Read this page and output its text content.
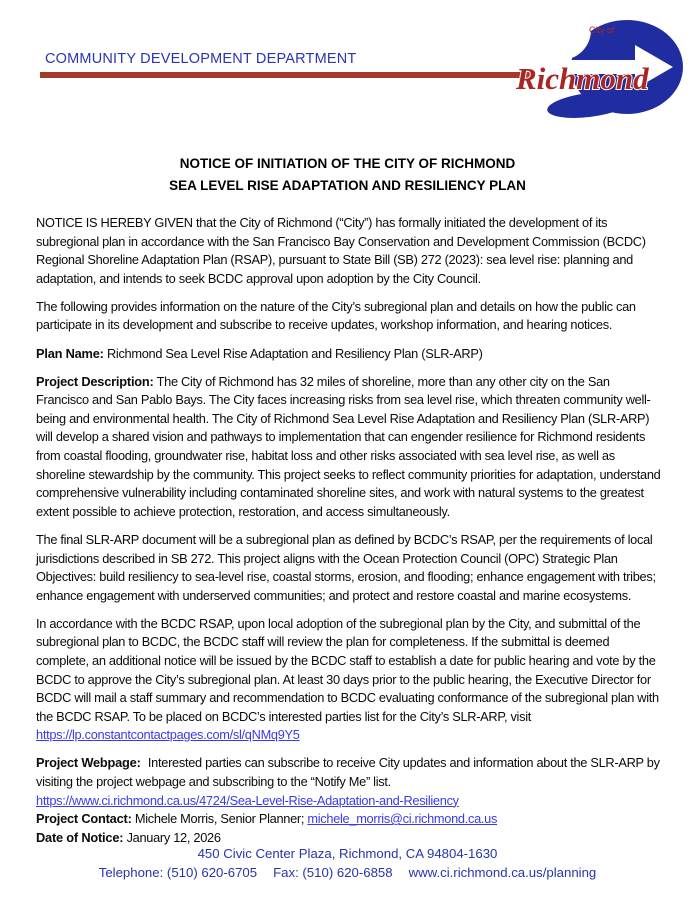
COMMUNITY DEVELOPMENT DEPARTMENT
City of
Richmond
NOTICE OF INITIATION OF THE CITY OF RICHMOND
SEA LEVEL RISE ADAPTATION AND RESILIENCY PLAN

NOTICE IS HEREBY GIVEN that the City of Richmond (“City”) has formally initiated the development of its subregional plan in accordance with the San Francisco Bay Conservation and Development Commission (BCDC) Regional Shoreline Adaptation Plan (RSAP), pursuant to State Bill (SB) 272 (2023): sea level rise: planning and adaptation, and intends to seek BCDC approval upon adoption by the City Council.

The following provides information on the nature of the City’s subregional plan and details on how the public can participate in its development and subscribe to receive updates, workshop information, and hearing notices.

Plan Name: Richmond Sea Level Rise Adaptation and Resiliency Plan (SLR-ARP)

Project Description: The City of Richmond has 32 miles of shoreline, more than any other city on the San Francisco and San Pablo Bays. The City faces increasing risks from sea level rise, which threaten community well-being and environmental health. The City of Richmond Sea Level Rise Adaptation and Resiliency Plan (SLR-ARP) will develop a shared vision and pathways to implementation that can engender resilience for Richmond residents from coastal flooding, groundwater rise, habitat loss and other risks associated with sea level rise, as well as shoreline stewardship by the community. This project seeks to reflect community priorities for adaptation, understand comprehensive vulnerability including contaminated shoreline sites, and work with natural systems to the greatest extent possible to achieve protection, restoration, and access simultaneously.

The final SLR-ARP document will be a subregional plan as defined by BCDC’s RSAP, per the requirements of local jurisdictions described in SB 272. This project aligns with the Ocean Protection Council (OPC) Strategic Plan Objectives: build resiliency to sea-level rise, coastal storms, erosion, and flooding; enhance engagement with tribes; enhance engagement with underserved communities; and protect and restore coastal and marine ecosystems.

In accordance with the BCDC RSAP, upon local adoption of the subregional plan by the City, and submittal of the subregional plan to BCDC, the BCDC staff will review the plan for completeness. If the submittal is deemed complete, an additional notice will be issued by the BCDC staff to establish a date for public hearing and vote by the BCDC to approve the City’s subregional plan. At least 30 days prior to the public hearing, the Executive Director for BCDC will mail a staff summary and recommendation to BCDC evaluating conformance of the subregional plan with the BCDC RSAP. To be placed on BCDC’s interested parties list for the City’s SLR-ARP, visit https://lp.constantcontactpages.com/sl/qNMq9Y5

Project Webpage: Interested parties can subscribe to receive City updates and information about the SLR-ARP by visiting the project webpage and subscribing to the “Notify Me” list.
https://www.ci.richmond.ca.us/4724/Sea-Level-Rise-Adaptation-and-Resiliency
Project Contact: Michele Morris, Senior Planner; michele_morris@ci.richmond.ca.us
Date of Notice: January 12, 2026

450 Civic Center Plaza, Richmond, CA 94804-1630
Telephone: (510) 620-6705 Fax: (510) 620-6858 www.ci.richmond.ca.us/planning
